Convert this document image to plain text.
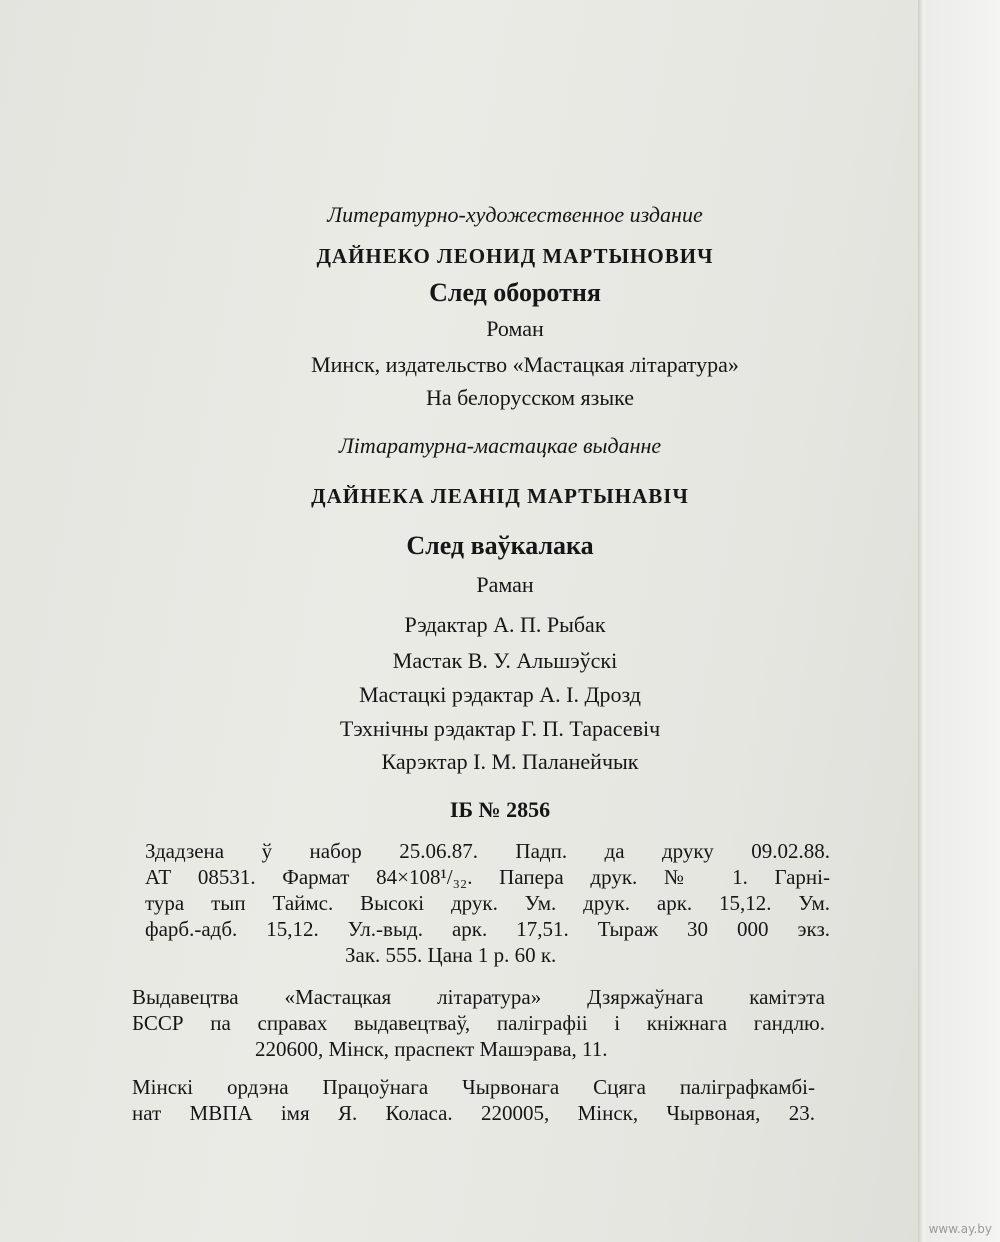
Литературно-художественное издание
ДАЙНЕКО ЛЕОНИД МАРТЫНОВИЧ
След оборотня
Роман
Минск, издательство «Мастацкая літаратура»
На белорусском языке
Літаратурна-мастацкае выданне
ДАЙНЕКА ЛЕАНІД МАРТЫНАВІЧ
След ваўкалака
Раман
Рэдактар А. П. Рыбак
Мастак В. У. Альшэўскі
Мастацкі рэдактар А. І. Дрозд
Тэхнічны рэдактар Г. П. Тарасевіч
Карэктар І. М. Паланейчык
ІБ № 2856
Здадзена ў набор 25.06.87. Падп. да друку 09.02.88.
АТ 08531. Фармат 84×108¹/₃₂. Папера друк. № 1. Гарні-
тура тып Таймс. Высокі друк. Ум. друк. арк. 15,12. Ум.
фарб.-адб. 15,12. Ул.-выд. арк. 17,51. Тыраж 30 000 экз.
Зак. 555. Цана 1 р. 60 к.
Выдавецтва «Мастацкая літаратура» Дзяржаўнага камітэта
БССР па справах выдавецтваў, паліграфіі і кніжнага гандлю.
220600, Мінск, праспект Машэрава, 11.
Мінскі ордэна Працоўнага Чырвонага Сцяга паліграфкамбі-
нат МВПА імя Я. Коласа. 220005, Мінск, Чырвоная, 23.
www.ay.by
